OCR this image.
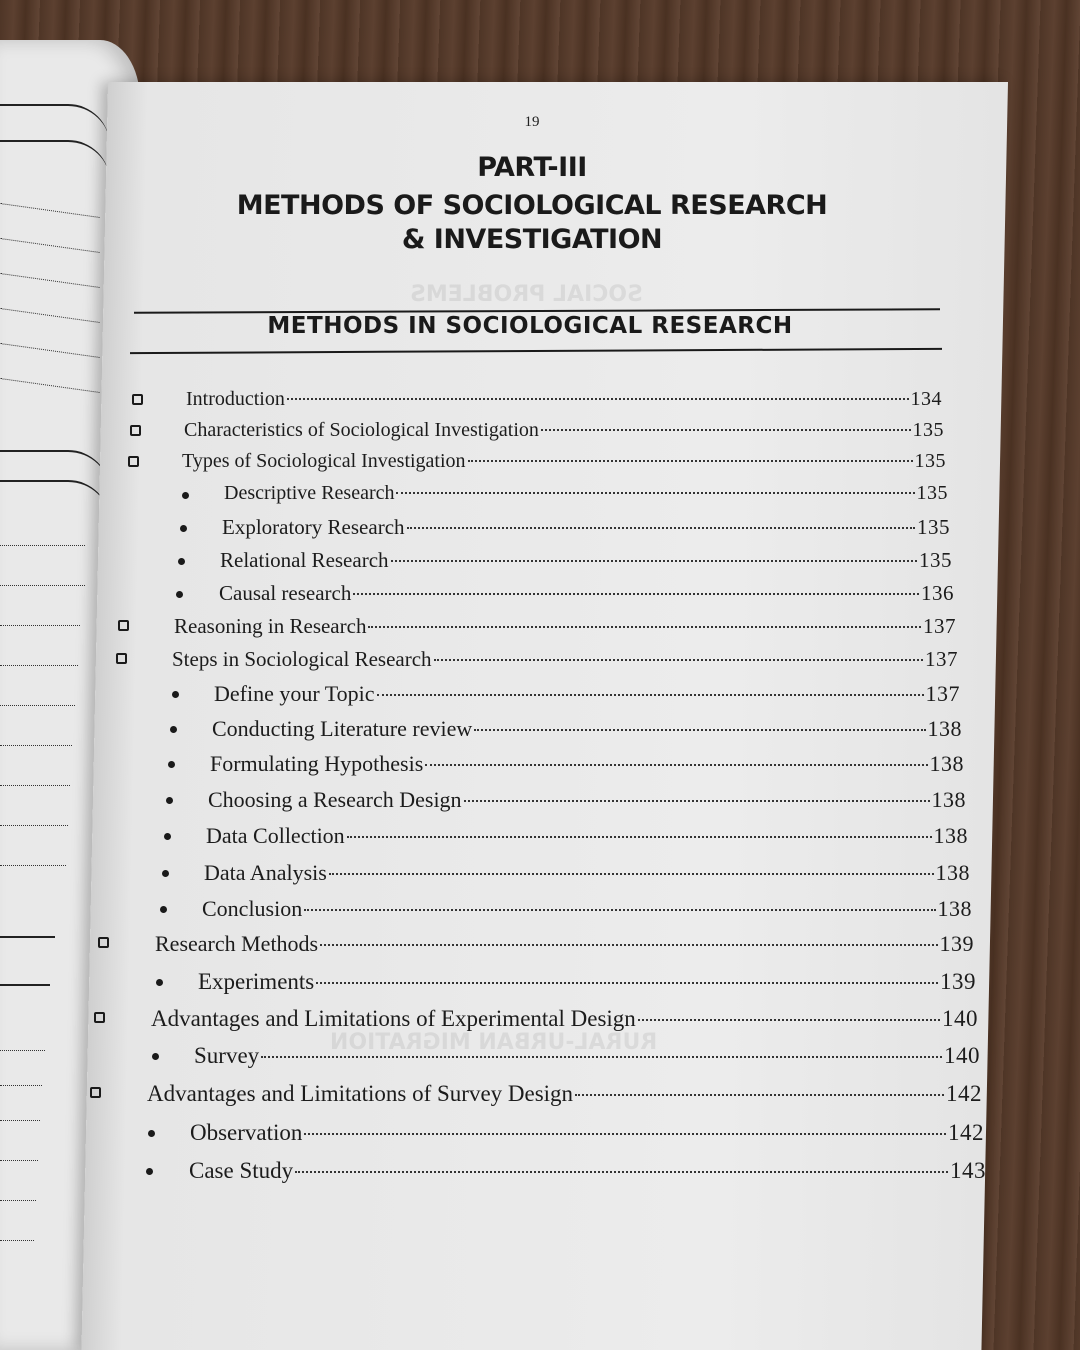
SOCIAL PROBLEMS
RURAL-URBAN MIGRATION
19
PART-III
METHODS OF SOCIOLOGICAL RESEARCH
& INVESTIGATION
METHODS IN SOCIOLOGICAL RESEARCH
Introduction	134
Characteristics of Sociological Investigation	135
Types of Sociological Investigation	135
Descriptive Research	135
Exploratory Research	135
Relational Research	135
Causal research	136
Reasoning in Research	137
Steps in Sociological Research	137
Define your Topic	137
Conducting Literature review	138
Formulating Hypothesis	138
Choosing a Research Design	138
Data Collection	138
Data Analysis	138
Conclusion	138
Research Methods	139
Experiments	139
Advantages and Limitations of Experimental Design	140
Survey	140
Advantages and Limitations of Survey Design	142
Observation	142
Case Study	143
